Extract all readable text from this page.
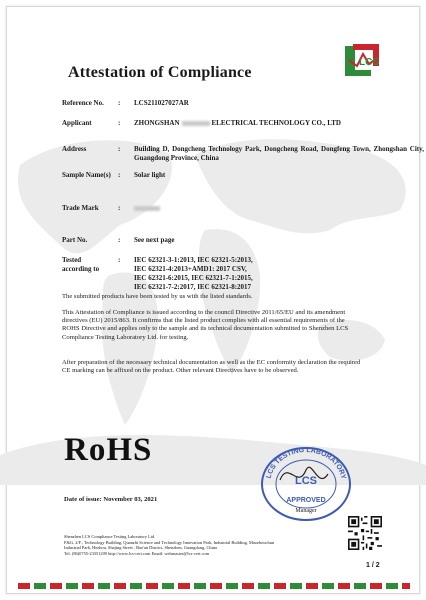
LCS
Attestation of Compliance
Reference No.	: LCS211027027AR
Applicant	: ZHONGSHAN	ELECTRICAL TECHNOLOGY CO., LTD
Address	: Building D, Dongcheng Technology Park, Dongcheng Road, Dongfeng Town, Zhongshan City, Guangdong Province, China
Sample Name(s)	: Solar light
Trade Mark	:
Part No.	: See next page
Tested according to
: IEC 62321-3-1:2013, IEC 62321-5:2013,
IEC 62321-4:2013+AMD1: 2017 CSV,
IEC 62321-6:2015, IEC 62321-7-1:2015,
IEC 62321-7-2:2017, IEC 62321-8:2017
The submitted products have been tested by us with the listed standards.
This Attestation of Compliance is issued according to the council Directive 2011/65/EU and its amendment directives (EU) 2015/863. It confirms that the listed product complies with all essential requirements of the ROHS Directive and applies only to the sample and its technical documentation submitted to Shenzhen LCS Compliance Testing Laboratory Ltd. for testing.
After preparation of the necessary technical documentation as well as the EC conformity declaration the required CE marking can be affixed on the product. Other relevant Directives have to be observed.
RoHS
LCS TESTING LABORATORY
LCS
APPROVED
Manager
Date of issue: November 03, 2021
Shenzhen LCS Compliance Testing Laboratory Ltd.
F&G, 2/F., Technology Building, Quanzhi Science and Technology Innovation Park, Industrial Building, Maozhouchun
Industrial Park, Hezhou, Shajing Street , Bao'an District, Shenzhen, Guangdong, China
Tel: (86)0755-23351209 http://www.lcs-cert.com Email: webmaster@lcs-cert.com
1 / 2
